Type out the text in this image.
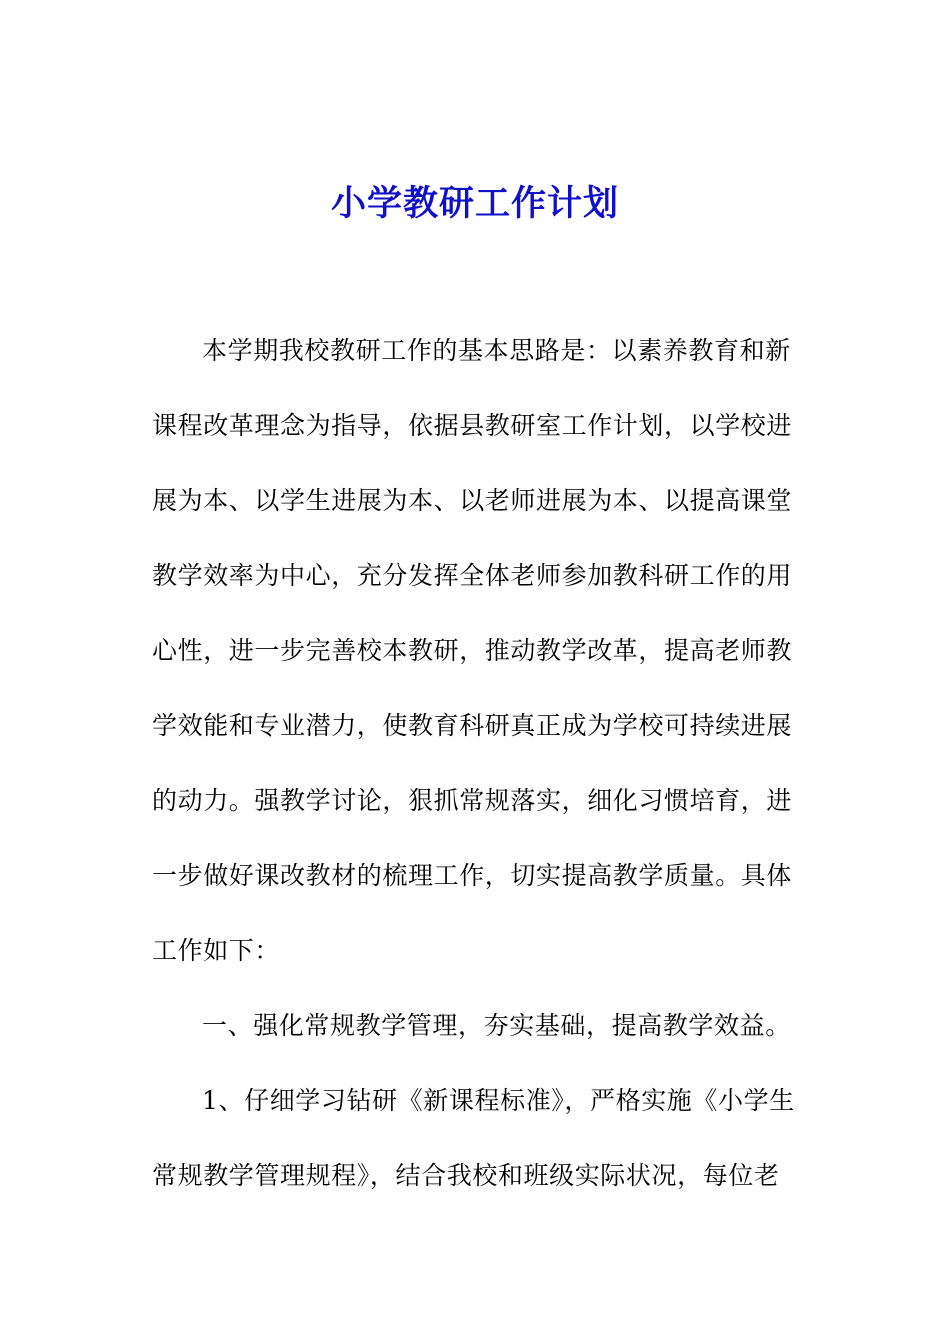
小学教研工作计划
本学期我校教研工作的基本思路是：以素养教育和新
课程改革理念为指导，依据县教研室工作计划，以学校进
展为本、以学生进展为本、以老师进展为本、以提高课堂
教学效率为中心，充分发挥全体老师参加教科研工作的用
心性，进一步完善校本教研，推动教学改革，提高老师教
学效能和专业潜力，使教育科研真正成为学校可持续进展
的动力。强教学讨论，狠抓常规落实，细化习惯培育，进
一步做好课改教材的梳理工作，切实提高教学质量。具体
工作如下：
一、强化常规教学管理，夯实基础，提高教学效益。
1、仔细学习钻研《新课程标准》，严格实施《小学生
常规教学管理规程》，结合我校和班级实际状况，每位老
